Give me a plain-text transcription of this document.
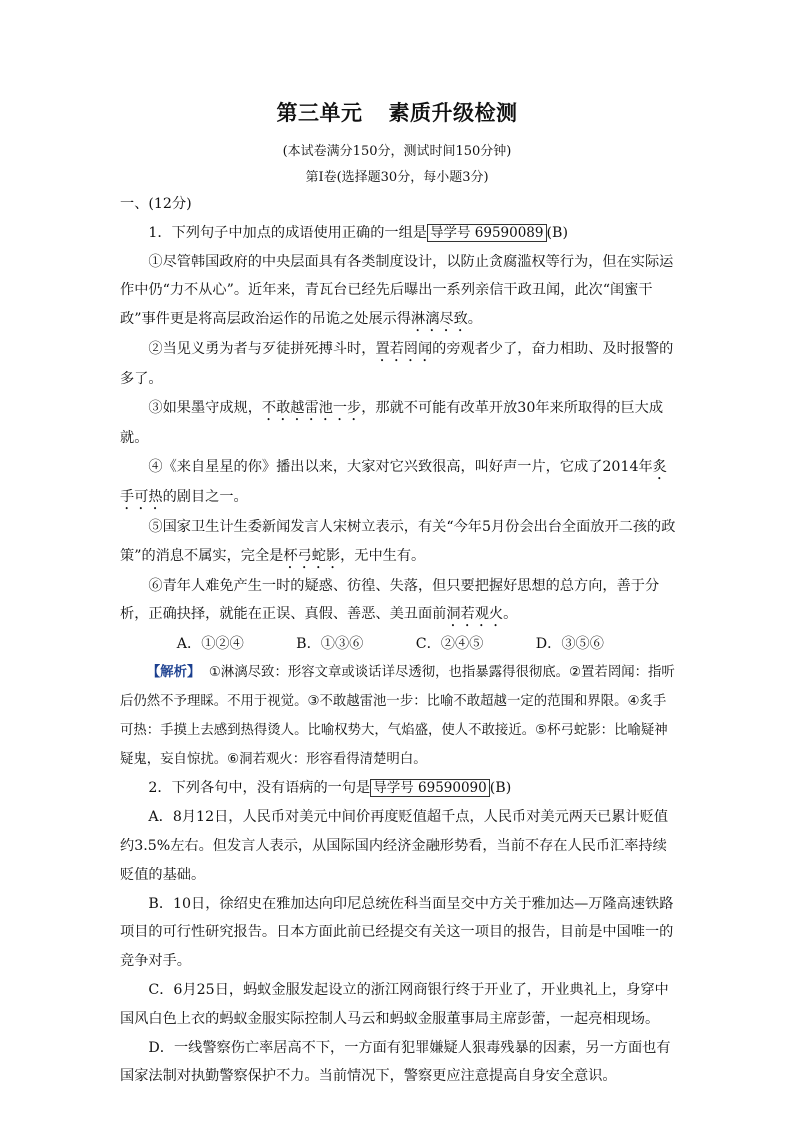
第三单元 素质升级检测
(本试卷满分150分，测试时间150分钟)
第Ⅰ卷(选择题30分，每小题3分)

一、(12分)

1．下列句子中加点的成语使用正确的一组是 导学号 69590089 (B)

①尽管韩国政府的中央层面具有各类制度设计，以防止贪腐滥权等行为，但在实际运作中仍“力不从心”。近年来，青瓦台已经先后曝出一系列亲信干政丑闻，此次“闺蜜干政”事件更是将高层政治运作的吊诡之处展示得淋漓尽致。

②当见义勇为者与歹徒拼死搏斗时，置若罔闻的旁观者少了，奋力相助、及时报警的多了。

③如果墨守成规，不敢越雷池一步，那就不可能有改革开放30年来所取得的巨大成就。

④《来自星星的你》播出以来，大家对它兴致很高，叫好声一片，它成了2014年炙手可热的剧目之一。

⑤国家卫生计生委新闻发言人宋树立表示，有关“今年5月份会出台全面放开二孩的政策”的消息不属实，完全是杯弓蛇影，无中生有。

⑥青年人难免产生一时的疑惑、彷徨、失落，但只要把握好思想的总方向，善于分析，正确抉择，就能在正误、真假、善恶、美丑面前洞若观火。

A．①②④	B．①③⑥	C．②④⑤	D．③⑤⑥

【解析】 ①淋漓尽致：形容文章或谈话详尽透彻，也指暴露得很彻底。②置若罔闻：指听后仍然不予理睬。不用于视觉。③不敢越雷池一步：比喻不敢超越一定的范围和界限。④炙手可热：手摸上去感到热得烫人。比喻权势大，气焰盛，使人不敢接近。⑤杯弓蛇影：比喻疑神疑鬼，妄自惊扰。⑥洞若观火：形容看得清楚明白。

2．下列各句中，没有语病的一句是 导学号 69590090 (B)

A．8月12日，人民币对美元中间价再度贬值超千点，人民币对美元两天已累计贬值约3.5%左右。但发言人表示，从国际国内经济金融形势看，当前不存在人民币汇率持续贬值的基础。

B．10日，徐绍史在雅加达向印尼总统佐科当面呈交中方关于雅加达—万隆高速铁路项目的可行性研究报告。日本方面此前已经提交有关这一项目的报告，目前是中国唯一的竞争对手。

C．6月25日，蚂蚁金服发起设立的浙江网商银行终于开业了，开业典礼上，身穿中国风白色上衣的蚂蚁金服实际控制人马云和蚂蚁金服董事局主席彭蕾，一起亮相现场。

D．一线警察伤亡率居高不下，一方面有犯罪嫌疑人狠毒残暴的因素，另一方面也有国家法制对执勤警察保护不力。当前情况下，警察更应注意提高自身安全意识。
